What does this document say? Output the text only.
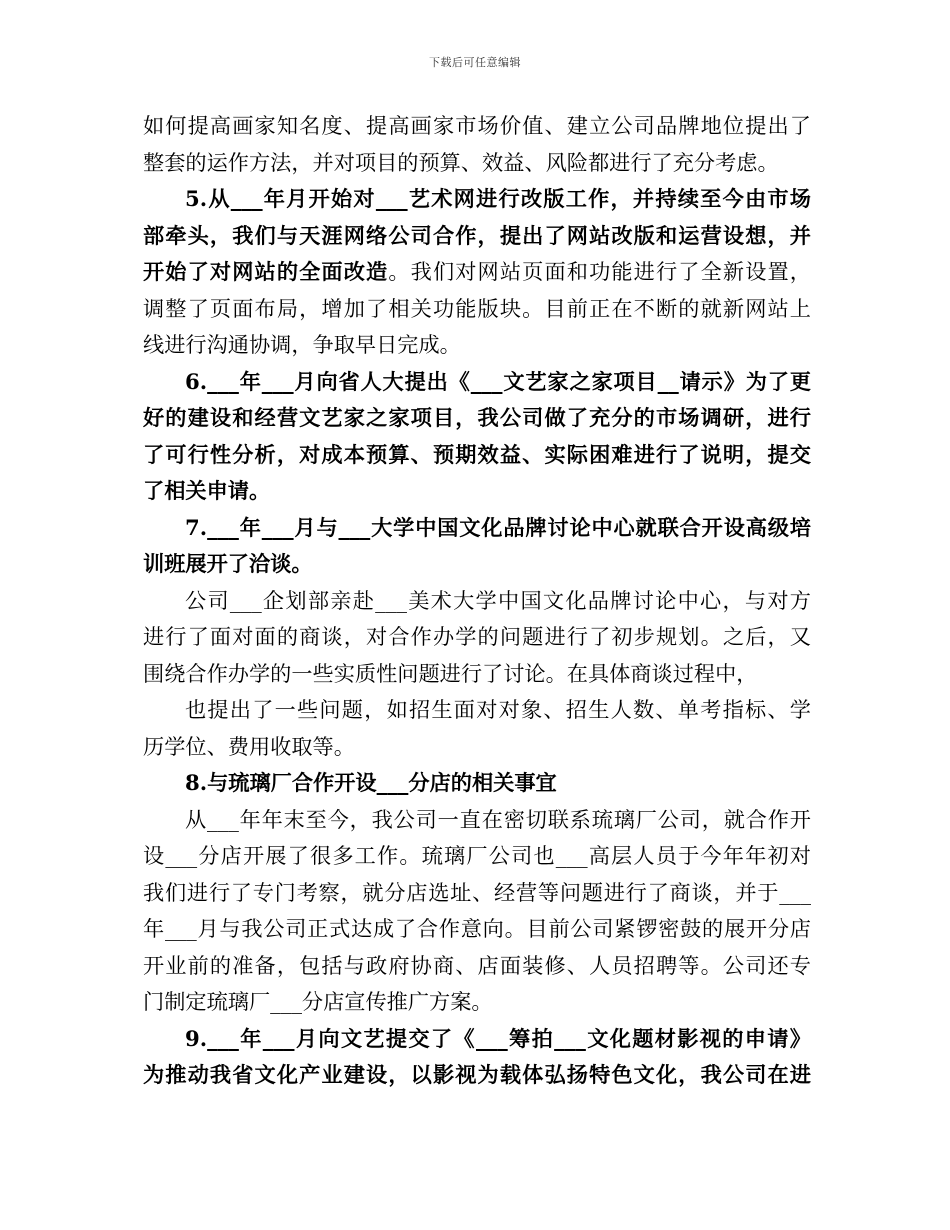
下载后可任意编辑
如何提高画家知名度、提高画家市场价值、建立公司品牌地位提出了
整套的运作方法，并对项目的预算、效益、风险都进行了充分考虑。
5.从___年月开始对___艺术网进行改版工作，并持续至今由市场
部牵头，我们与天涯网络公司合作，提出了网站改版和运营设想，并
开始了对网站的全面改造。我们对网站页面和功能进行了全新设置，
调整了页面布局，增加了相关功能版块。目前正在不断的就新网站上
线进行沟通协调，争取早日完成。
6.___年___月向省人大提出《___文艺家之家项目__请示》为了更
好的建设和经营文艺家之家项目，我公司做了充分的市场调研，进行
了可行性分析，对成本预算、预期效益、实际困难进行了说明，提交
了相关申请。
7.___年___月与___大学中国文化品牌讨论中心就联合开设高级培
训班展开了洽谈。
公司___企划部亲赴___美术大学中国文化品牌讨论中心，与对方
进行了面对面的商谈，对合作办学的问题进行了初步规划。之后，又
围绕合作办学的一些实质性问题进行了讨论。在具体商谈过程中，
也提出了一些问题，如招生面对对象、招生人数、单考指标、学
历学位、费用收取等。
8.与琉璃厂合作开设___分店的相关事宜
从___年年末至今，我公司一直在密切联系琉璃厂公司，就合作开
设___分店开展了很多工作。琉璃厂公司也___高层人员于今年年初对
我们进行了专门考察，就分店选址、经营等问题进行了商谈，并于___
年___月与我公司正式达成了合作意向。目前公司紧锣密鼓的展开分店
开业前的准备，包括与政府协商、店面装修、人员招聘等。公司还专
门制定琉璃厂___分店宣传推广方案。
9.___年___月向文艺提交了《___筹拍___文化题材影视的申请》
为推动我省文化产业建设，以影视为载体弘扬特色文化，我公司在进
